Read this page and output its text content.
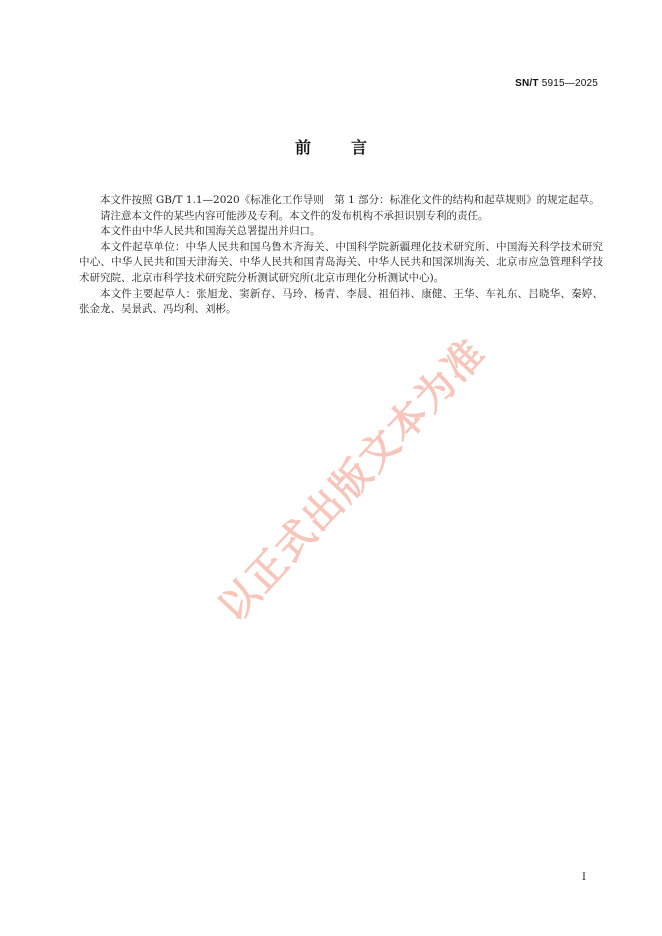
SN/T 5915—2025
前言

本文件按照 GB/T 1.1—2020《标准化工作导则　第 1 部分：标准化文件的结构和起草规则》的规定起草。

请注意本文件的某些内容可能涉及专利。本文件的发布机构不承担识别专利的责任。

本文件由中华人民共和国海关总署提出并归口。

本文件起草单位：中华人民共和国乌鲁木齐海关、中国科学院新疆理化技术研究所、中国海关科学技术研究中心、中华人民共和国天津海关、中华人民共和国青岛海关、中华人民共和国深圳海关、北京市应急管理科学技术研究院、北京市科学技术研究院分析测试研究所(北京市理化分析测试中心)。

本文件主要起草人：张旭龙、窦新存、马玲、杨青、李晨、祖佰祎、康健、王华、车礼东、吕晓华、秦婷、张金龙、吴景武、冯均利、刘彬。

以正式出版文本为准
I
